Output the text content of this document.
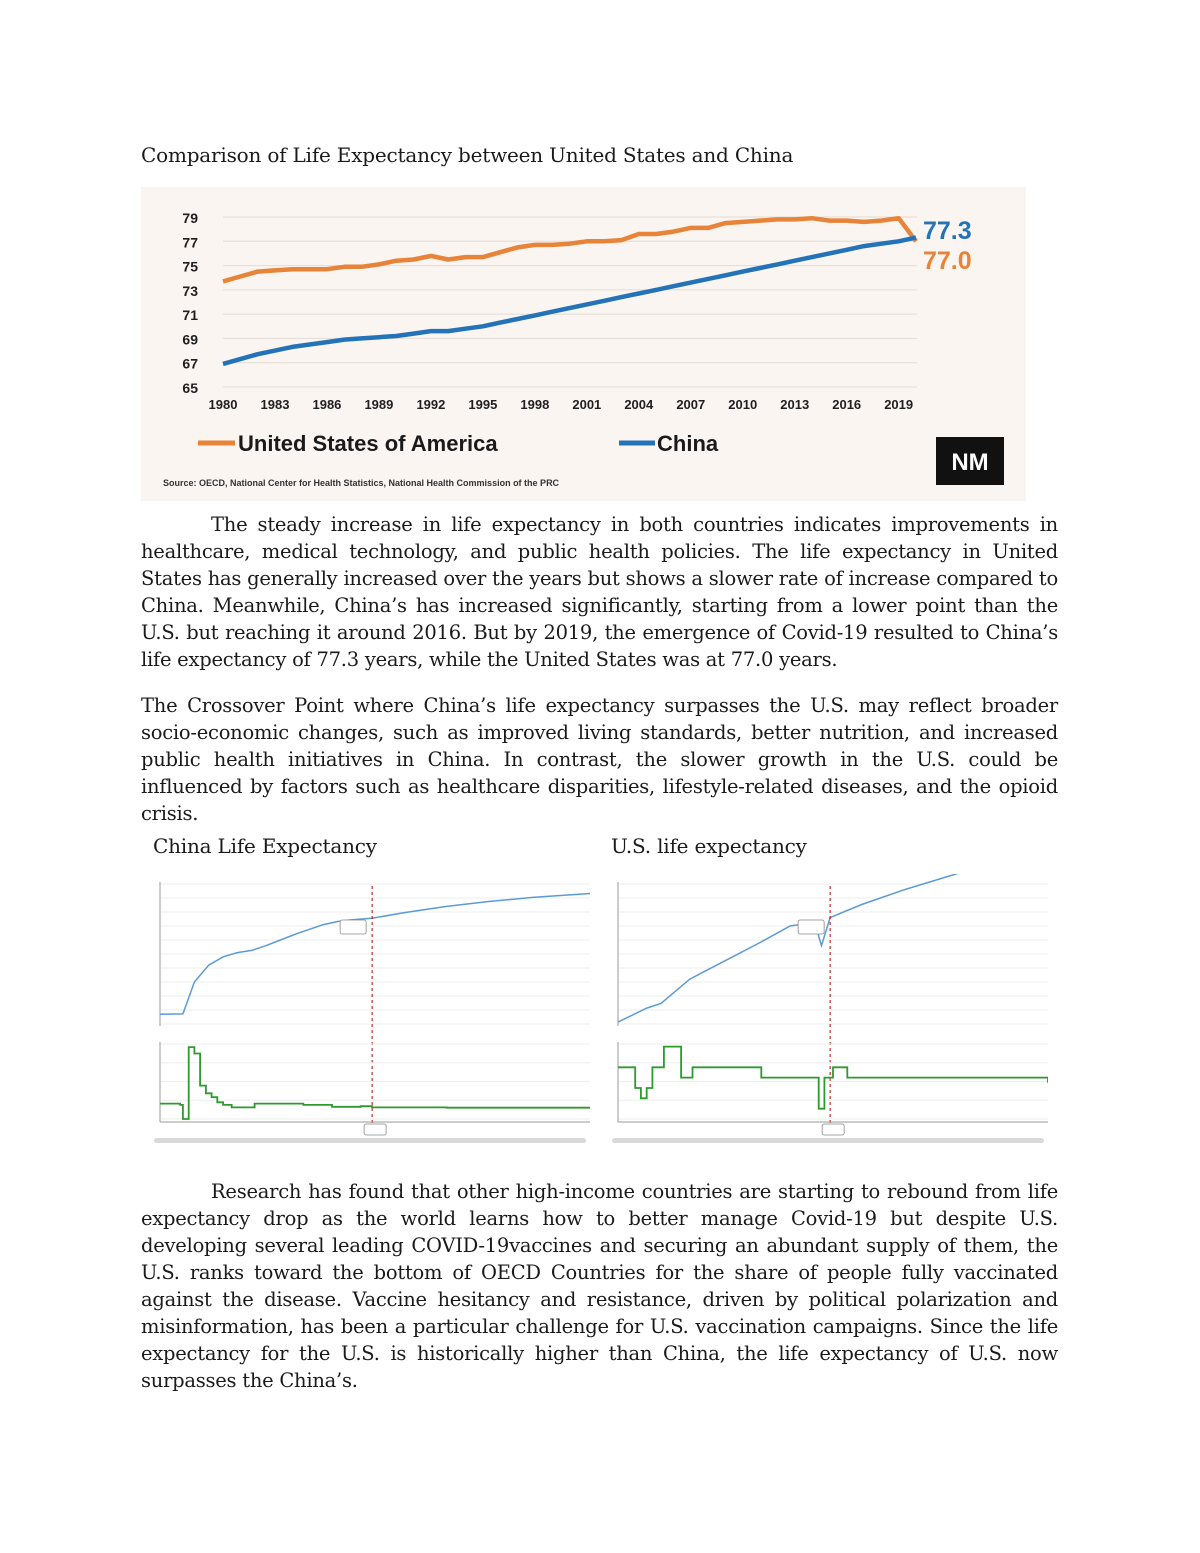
Comparison of Life Expectancy between United States and China
65
67
69
71
73
75
77
79
1980 1983 1986 1989 1992 1995 1998 2001 2004 2007 2010 2013 2016 2019
77.3
77.0
United States of America	China
Source: OECD, National Center for Health Statistics, National Health Commission of the PRC
NM

The steady increase in life expectancy in both countries indicates improvements in healthcare, medical technology, and public health policies. The life expectancy in United States has generally increased over the years but shows a slower rate of increase compared to China. Meanwhile, China’s has increased significantly, starting from a lower point than the U.S. but reaching it around 2016. But by 2019, the emergence of Covid-19 resulted to China’s life expectancy of 77.3 years, while the United States was at 77.0 years.

The Crossover Point where China’s life expectancy surpasses the U.S. may reflect broader socio-economic changes, such as improved living standards, better nutrition, and increased public health initiatives in China. In contrast, the slower growth in the U.S. could be influenced by factors such as healthcare disparities, lifestyle-related diseases, and the opioid crisis.

China Life Expectancy	U.S. life expectancy

Research has found that other high-income countries are starting to rebound from life expectancy drop as the world learns how to better manage Covid-19 but despite U.S. developing several leading COVID-19vaccines and securing an abundant supply of them, the U.S. ranks toward the bottom of OECD Countries for the share of people fully vaccinated against the disease. Vaccine hesitancy and resistance, driven by political polarization and misinformation, has been a particular challenge for U.S. vaccination campaigns. Since the life expectancy for the U.S. is historically higher than China, the life expectancy of U.S. now surpasses the China’s.
